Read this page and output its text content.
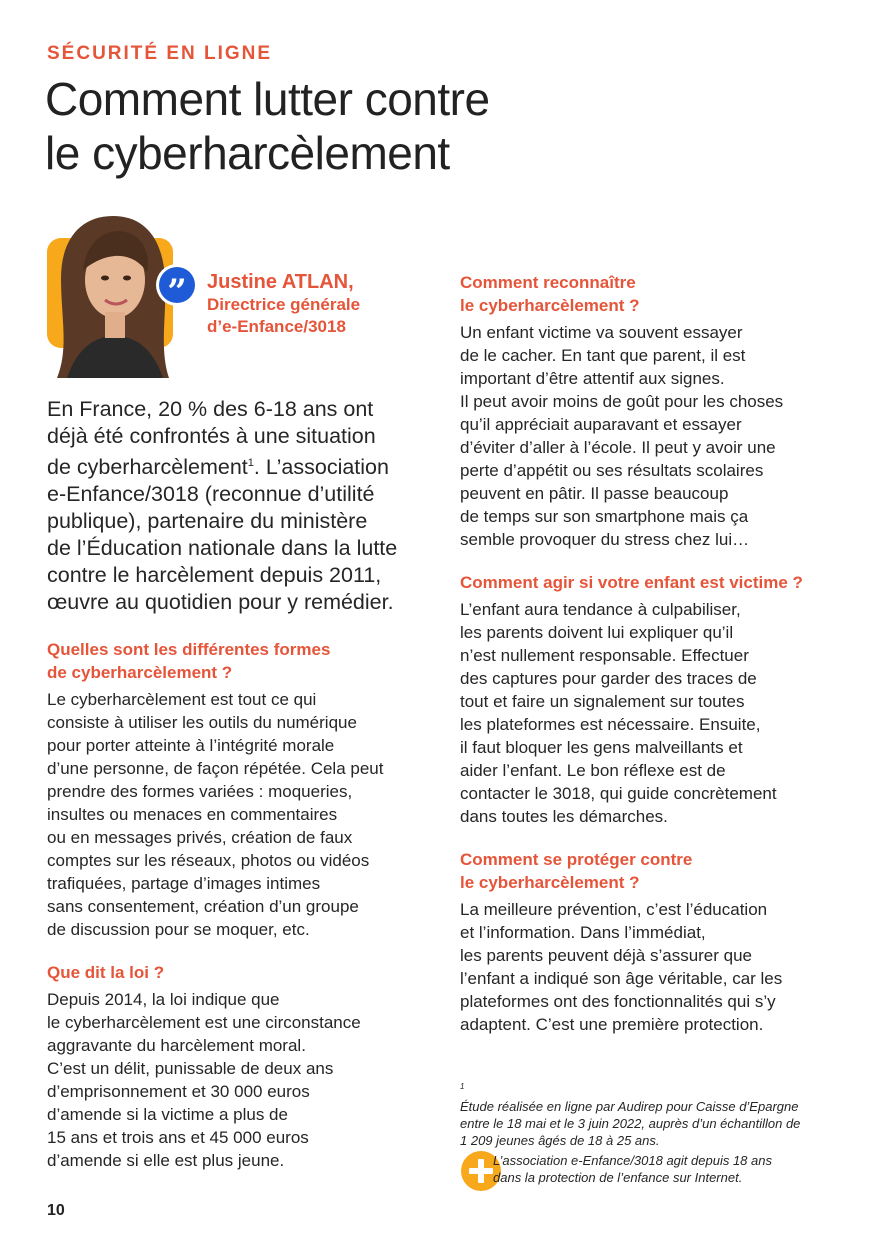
SÉCURITÉ EN LIGNE

Comment lutter contre
le cyberharcèlement
”	Justine ATLAN,

Directrice générale
d’e-Enfance/3018

En France, 20 % des 6-18 ans ont
déjà été confrontés à une situation
de cyberharcèlement$^1$. L’association
e-Enfance/3018 (reconnue d’utilité
publique), partenaire du ministère
de l’Éducation nationale dans la lutte
contre le harcèlement depuis 2011,
œuvre au quotidien pour y remédier.

Quelles sont les différentes formes
de cyberharcèlement ?

Le cyberharcèlement est tout ce qui
consiste à utiliser les outils du numérique
pour porter atteinte à l’intégrité morale
d’une personne, de façon répétée. Cela peut
prendre des formes variées : moqueries,
insultes ou menaces en commentaires
ou en messages privés, création de faux
comptes sur les réseaux, photos ou vidéos
trafiquées, partage d’images intimes
sans consentement, création d’un groupe
de discussion pour se moquer, etc.

Que dit la loi ?

Depuis 2014, la loi indique que
le cyberharcèlement est une circonstance
aggravante du harcèlement moral.
C’est un délit, punissable de deux ans
d’emprisonnement et 30 000 euros
d’amende si la victime a plus de
15 ans et trois ans et 45 000 euros
d’amende si elle est plus jeune.

Comment reconnaître
le cyberharcèlement ?

Un enfant victime va souvent essayer
de le cacher. En tant que parent, il est
important d’être attentif aux signes.
Il peut avoir moins de goût pour les choses
qu’il appréciait auparavant et essayer
d’éviter d’aller à l’école. Il peut y avoir une
perte d’appétit ou ses résultats scolaires
peuvent en pâtir. Il passe beaucoup
de temps sur son smartphone mais ça
semble provoquer du stress chez lui…

Comment agir si votre enfant est victime ?

L’enfant aura tendance à culpabiliser,
les parents doivent lui expliquer qu’il
n’est nullement responsable. Effectuer
des captures pour garder des traces de
tout et faire un signalement sur toutes
les plateformes est nécessaire. Ensuite,
il faut bloquer les gens malveillants et
aider l’enfant. Le bon réflexe est de
contacter le 3018, qui guide concrètement
dans toutes les démarches.

Comment se protéger contre
le cyberharcèlement ?

La meilleure prévention, c’est l’éducation
et l’information. Dans l’immédiat,
les parents peuvent déjà s’assurer que
l’enfant a indiqué son âge véritable, car les
plateformes ont des fonctionnalités qui s’y
adaptent. C’est une première protection.

$^1$
Étude réalisée en ligne par Audirep pour Caisse d’Epargne
entre le 18 mai et le 3 juin 2022, auprès d’un échantillon de
1 209 jeunes âgés de 18 à 25 ans.

L’association e-Enfance/3018 agit depuis 18 ans
dans la protection de l’enfance sur Internet.

10
